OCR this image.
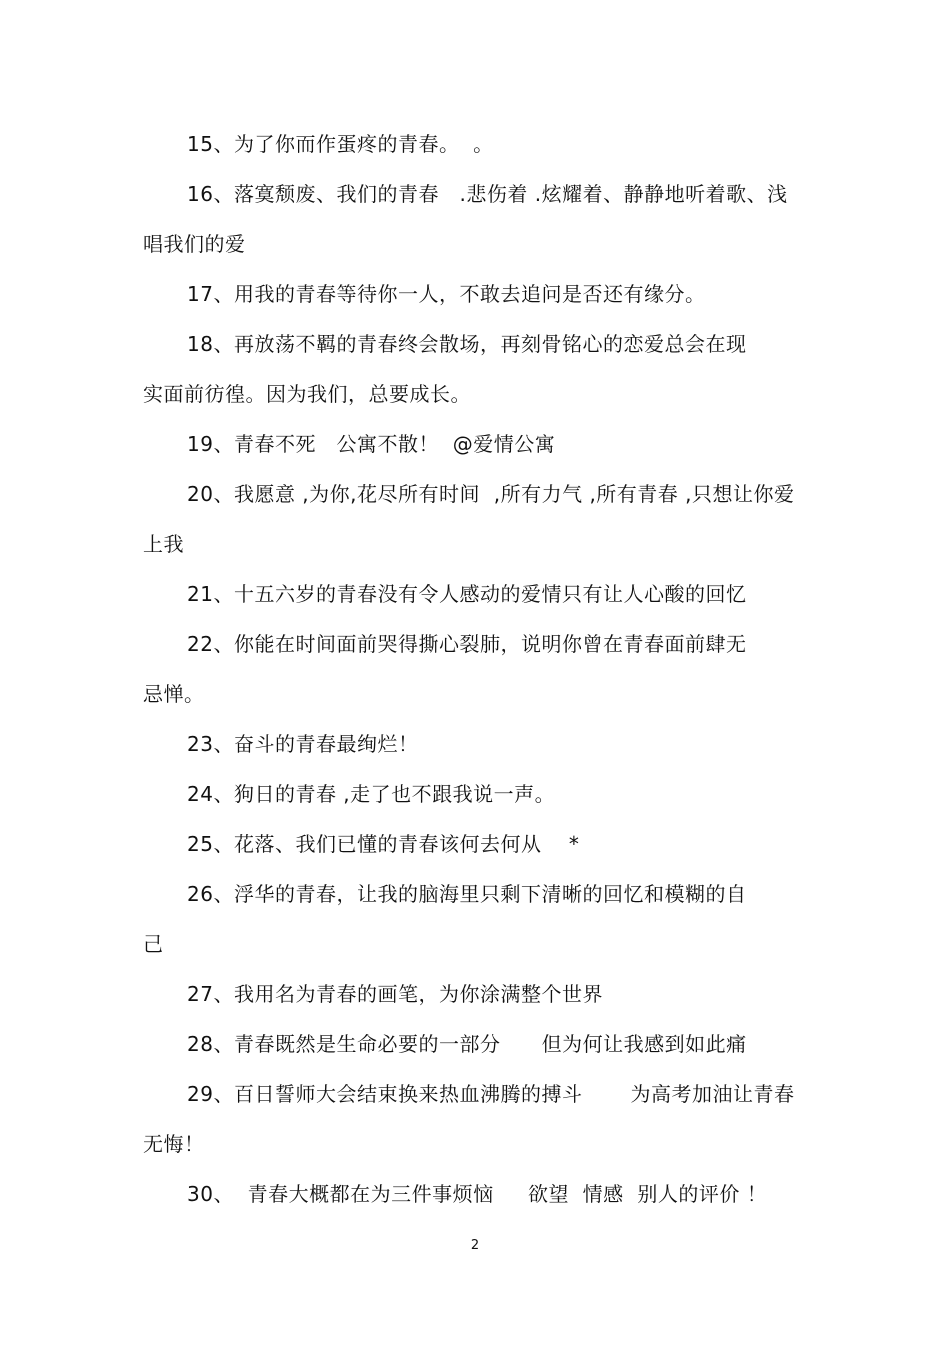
15、为了你而作蛋疼的青春。  。
16、落寞颓废、我们的青春   .悲伤着 .炫耀着、静静地听着歌、浅
唱我们的爱
17、用我的青春等待你一人，不敢去追问是否还有缘分。
18、再放荡不羁的青春终会散场，再刻骨铭心的恋爱总会在现
实面前彷徨。因为我们，总要成长。
19、青春不死   公寓不散！  @爱情公寓
20、我愿意 ,为你,花尽所有时间  ,所有力气 ,所有青春 ,只想让你爱
上我
21、十五六岁的青春没有令人感动的爱情只有让人心酸的回忆
22、你能在时间面前哭得撕心裂肺，说明你曾在青春面前肆无
忌惮。
23、奋斗的青春最绚烂！
24、狗日的青春 ,走了也不跟我说一声。
25、花落、我们已懂的青春该何去何从    *
26、浮华的青春，让我的脑海里只剩下清晰的回忆和模糊的自
己
27、我用名为青春的画笔，为你涂满整个世界
28、青春既然是生命必要的一部分      但为何让我感到如此痛
29、百日誓师大会结束换来热血沸腾的搏斗       为高考加油让青春
无悔！
30、  青春大概都在为三件事烦恼     欲望  情感  别人的评价 ！
2
